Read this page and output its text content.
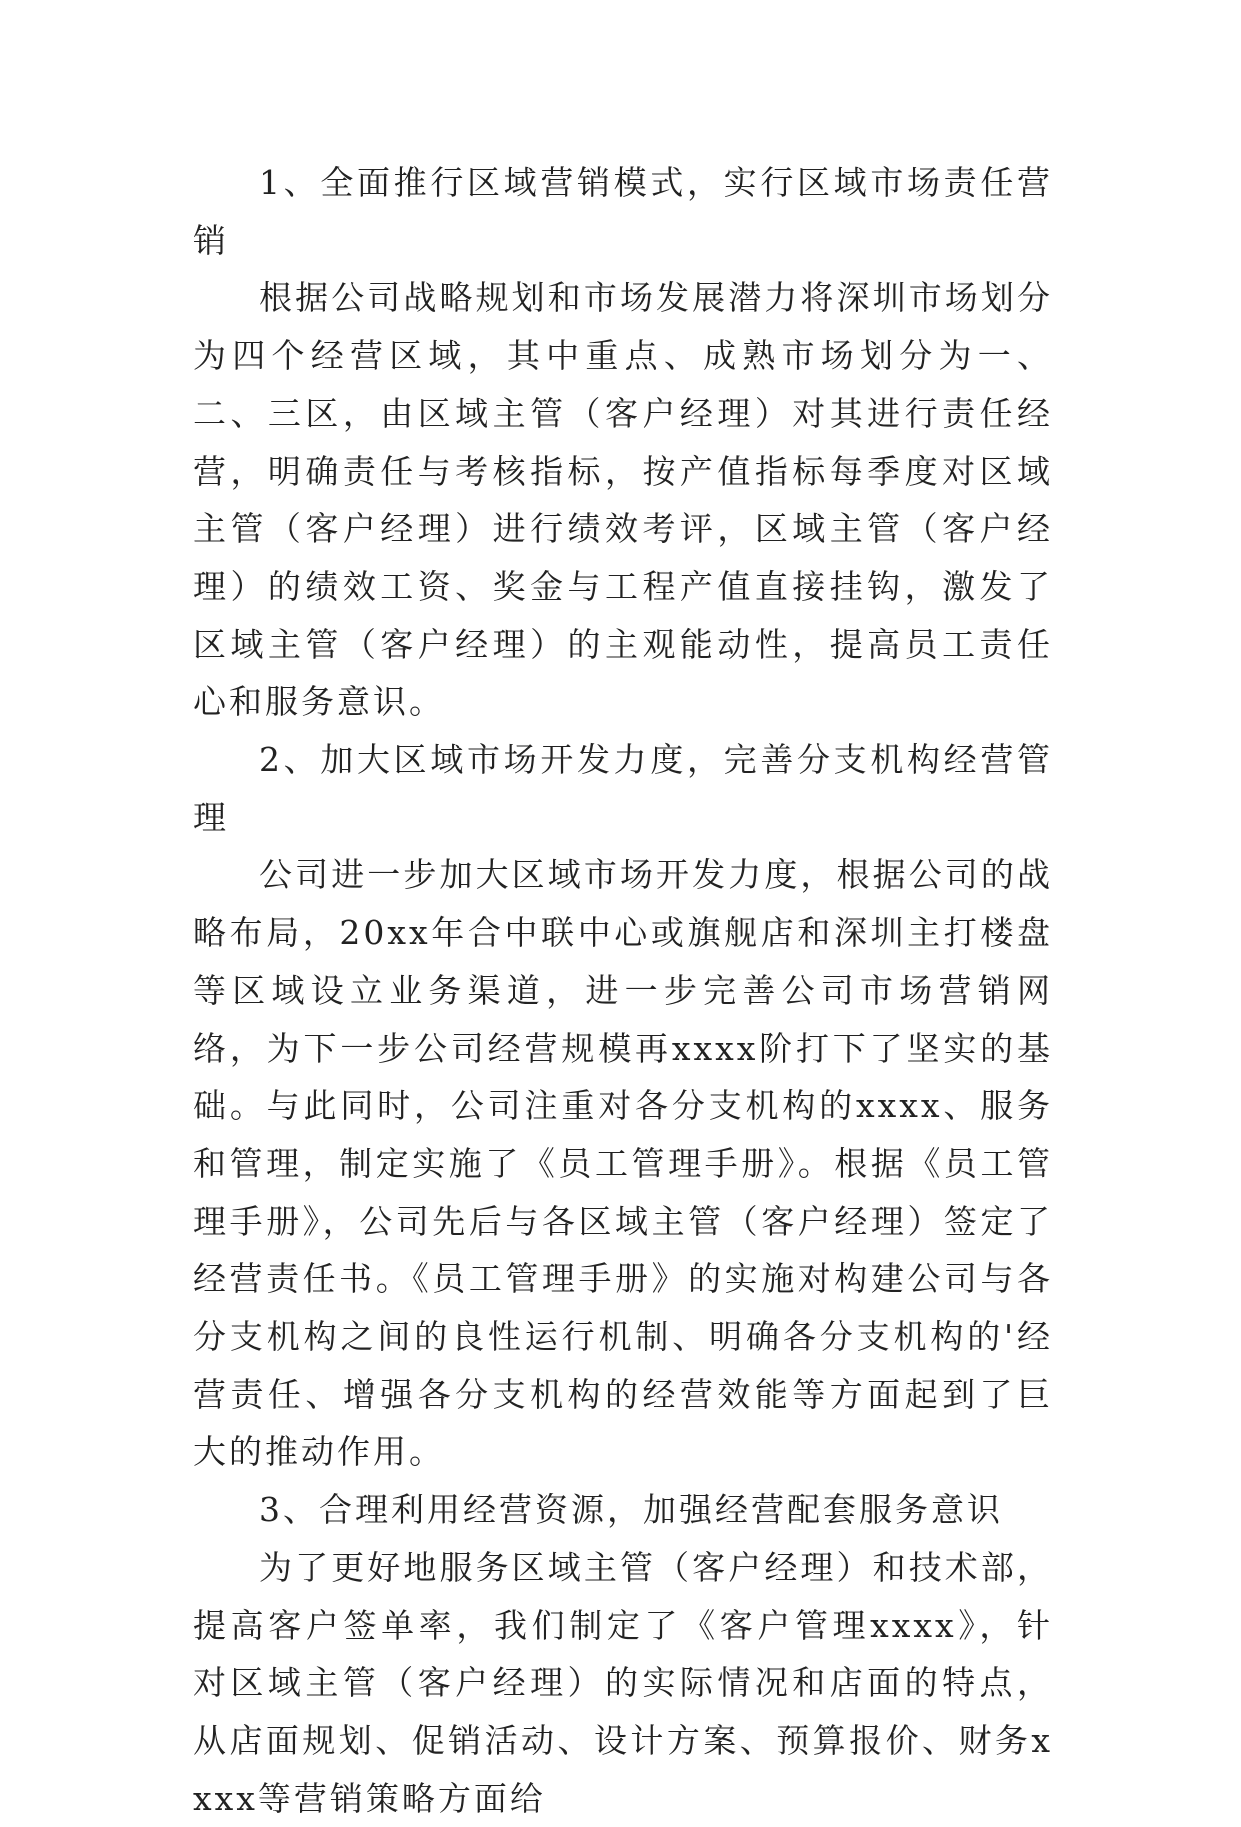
1、全面推行区域营销模式，实行区域市场责任营销

根据公司战略规划和市场发展潜力将深圳市场划分为四个经营区域，其中重点、成熟市场划分为一、二、三区，由区域主管（客户经理）对其进行责任经营，明确责任与考核指标，按产值指标每季度对区域主管（客户经理）进行绩效考评，区域主管（客户经理）的绩效工资、奖金与工程产值直接挂钩，激发了区域主管（客户经理）的主观能动性，提高员工责任心和服务意识。

2、加大区域市场开发力度，完善分支机构经营管理

公司进一步加大区域市场开发力度，根据公司的战略布局，20xx年合中联中心或旗舰店和深圳主打楼盘等区域设立业务渠道，进一步完善公司市场营销网络，为下一步公司经营规模再xxxx阶打下了坚实的基础。与此同时，公司注重对各分支机构的xxxx、服务和管理，制定实施了《员工管理手册》。根据《员工管理手册》，公司先后与各区域主管（客户经理）签定了经营责任书。《员工管理手册》的实施对构建公司与各分支机构之间的良性运行机制、明确各分支机构的'经营责任、增强各分支机构的经营效能等方面起到了巨大的推动作用。

3、合理利用经营资源，加强经营配套服务意识

为了更好地服务区域主管（客户经理）和技术部，提高客户签单率，我们制定了《客户管理xxxx》，针对区域主管（客户经理）的实际情况和店面的特点，从店面规划、促销活动、设计方案、预算报价、财务xxxx等营销策略方面给
